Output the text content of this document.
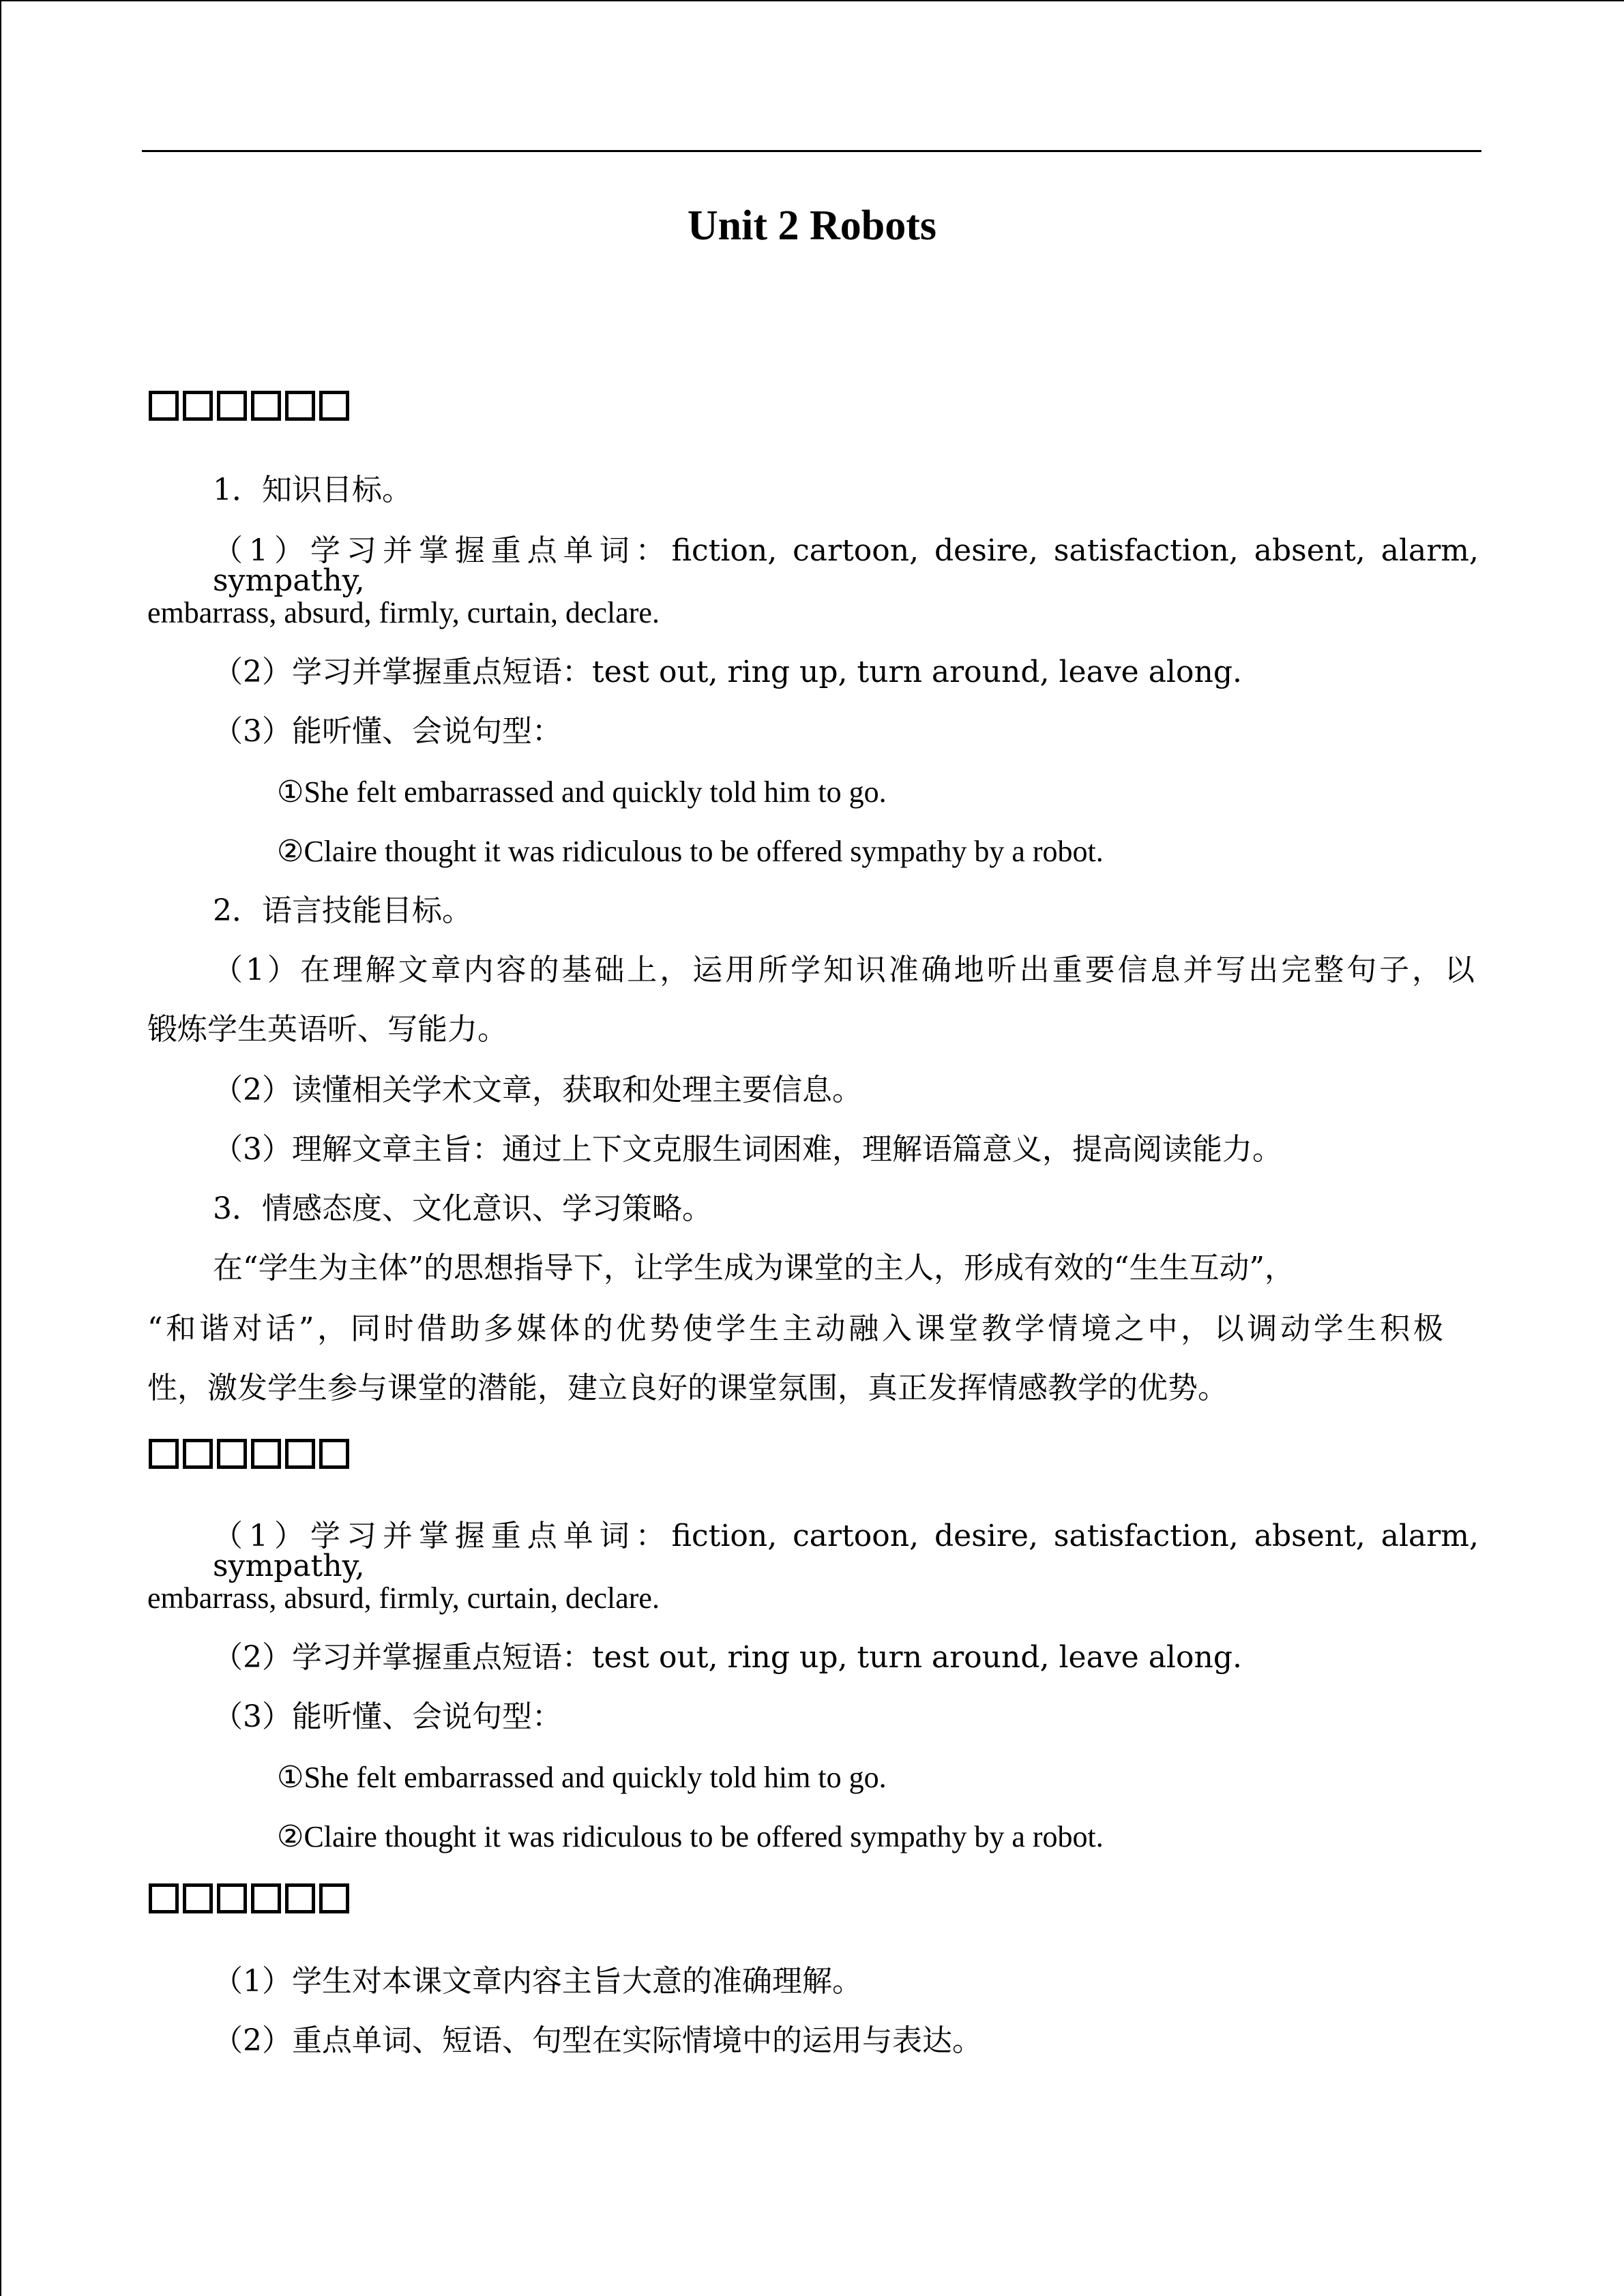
Unit 2 Robots
1．知识目标。
（1）学习并掌握重点单词：fiction, cartoon, desire, satisfaction, absent, alarm, sympathy,
embarrass, absurd, firmly, curtain, declare.
（2）学习并掌握重点短语：test out, ring up, turn around, leave along.
（3）能听懂、会说句型：
①She felt embarrassed and quickly told him to go.
②Claire thought it was ridiculous to be offered sympathy by a robot.
2．语言技能目标。
（1）在理解文章内容的基础上，运用所学知识准确地听出重要信息并写出完整句子，以
锻炼学生英语听、写能力。
（2）读懂相关学术文章，获取和处理主要信息。
（3）理解文章主旨：通过上下文克服生词困难，理解语篇意义，提高阅读能力。
3．情感态度、文化意识、学习策略。
在“学生为主体”的思想指导下，让学生成为课堂的主人，形成有效的“生生互动”，
“和谐对话”，同时借助多媒体的优势使学生主动融入课堂教学情境之中，以调动学生积极
性，激发学生参与课堂的潜能，建立良好的课堂氛围，真正发挥情感教学的优势。
（1）学习并掌握重点单词：fiction, cartoon, desire, satisfaction, absent, alarm, sympathy,
embarrass, absurd, firmly, curtain, declare.
（2）学习并掌握重点短语：test out, ring up, turn around, leave along.
（3）能听懂、会说句型：
①She felt embarrassed and quickly told him to go.
②Claire thought it was ridiculous to be offered sympathy by a robot.
（1）学生对本课文章内容主旨大意的准确理解。
（2）重点单词、短语、句型在实际情境中的运用与表达。
